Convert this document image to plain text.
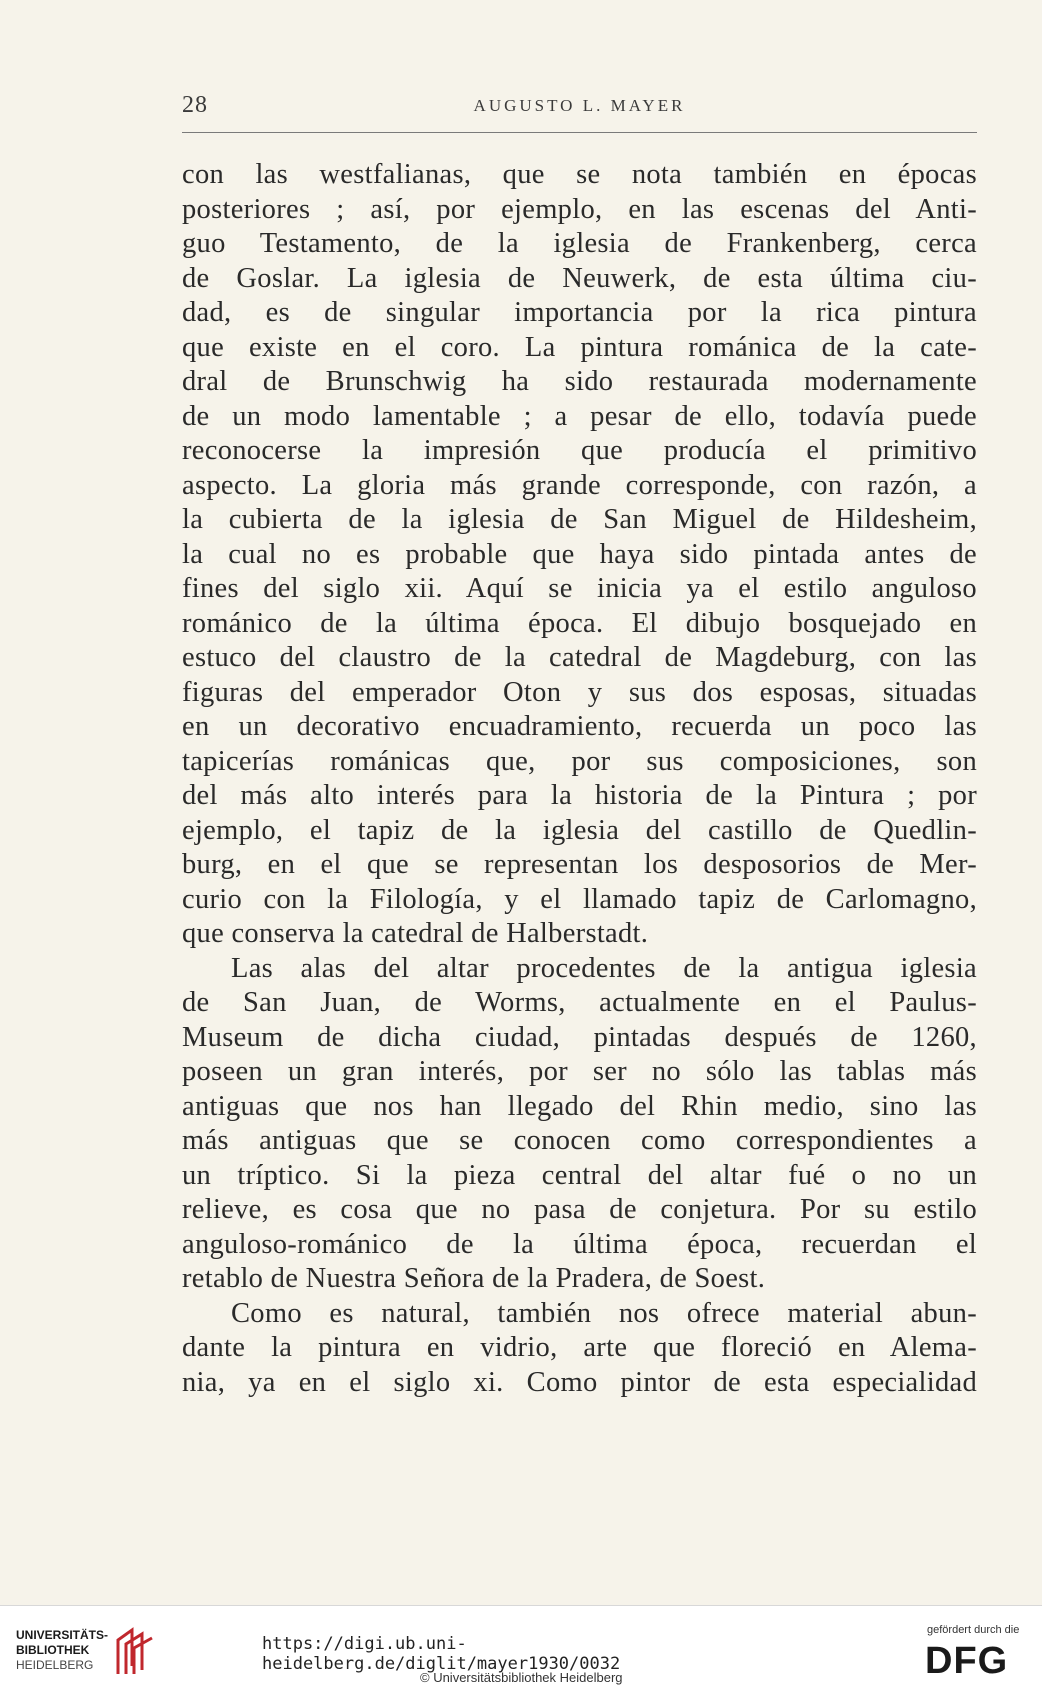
28	AUGUSTO L. MAYER
con las westfalianas, que se nota también en épocas
posteriores ; así, por ejemplo, en las escenas del Anti-
guo Testamento, de la iglesia de Frankenberg, cerca
de Goslar. La iglesia de Neuwerk, de esta última ciu-
dad, es de singular importancia por la rica pintura
que existe en el coro. La pintura románica de la cate-
dral de Brunschwig ha sido restaurada modernamente
de un modo lamentable ; a pesar de ello, todavía puede
reconocerse la impresión que producía el primitivo
aspecto. La gloria más grande corresponde, con razón, a
la cubierta de la iglesia de San Miguel de Hildesheim,
la cual no es probable que haya sido pintada antes de
fines del siglo xii. Aquí se inicia ya el estilo anguloso
románico de la última época. El dibujo bosquejado en
estuco del claustro de la catedral de Magdeburg, con las
figuras del emperador Oton y sus dos esposas, situadas
en un decorativo encuadramiento, recuerda un poco las
tapicerías románicas que, por sus composiciones, son
del más alto interés para la historia de la Pintura ; por
ejemplo, el tapiz de la iglesia del castillo de Quedlin-
burg, en el que se representan los desposorios de Mer-
curio con la Filología, y el llamado tapiz de Carlomagno,
que conserva la catedral de Halberstadt.
Las alas del altar procedentes de la antigua iglesia
de San Juan, de Worms, actualmente en el Paulus-
Museum de dicha ciudad, pintadas después de 1260,
poseen un gran interés, por ser no sólo las tablas más
antiguas que nos han llegado del Rhin medio, sino las
más antiguas que se conocen como correspondientes a
un tríptico. Si la pieza central del altar fué o no un
relieve, es cosa que no pasa de conjetura. Por su estilo
anguloso-románico de la última época, recuerdan el
retablo de Nuestra Señora de la Pradera, de Soest.
Como es natural, también nos ofrece material abun-
dante la pintura en vidrio, arte que floreció en Alema-
nia, ya en el siglo xi. Como pintor de esta especialidad
UNIVERSITÄTS-
BIBLIOTHEK
HEIDELBERG
https://digi.ub.uni-heidelberg.de/diglit/mayer1930/0032
© Universitätsbibliothek Heidelberg
gefördert durch die
DFG
